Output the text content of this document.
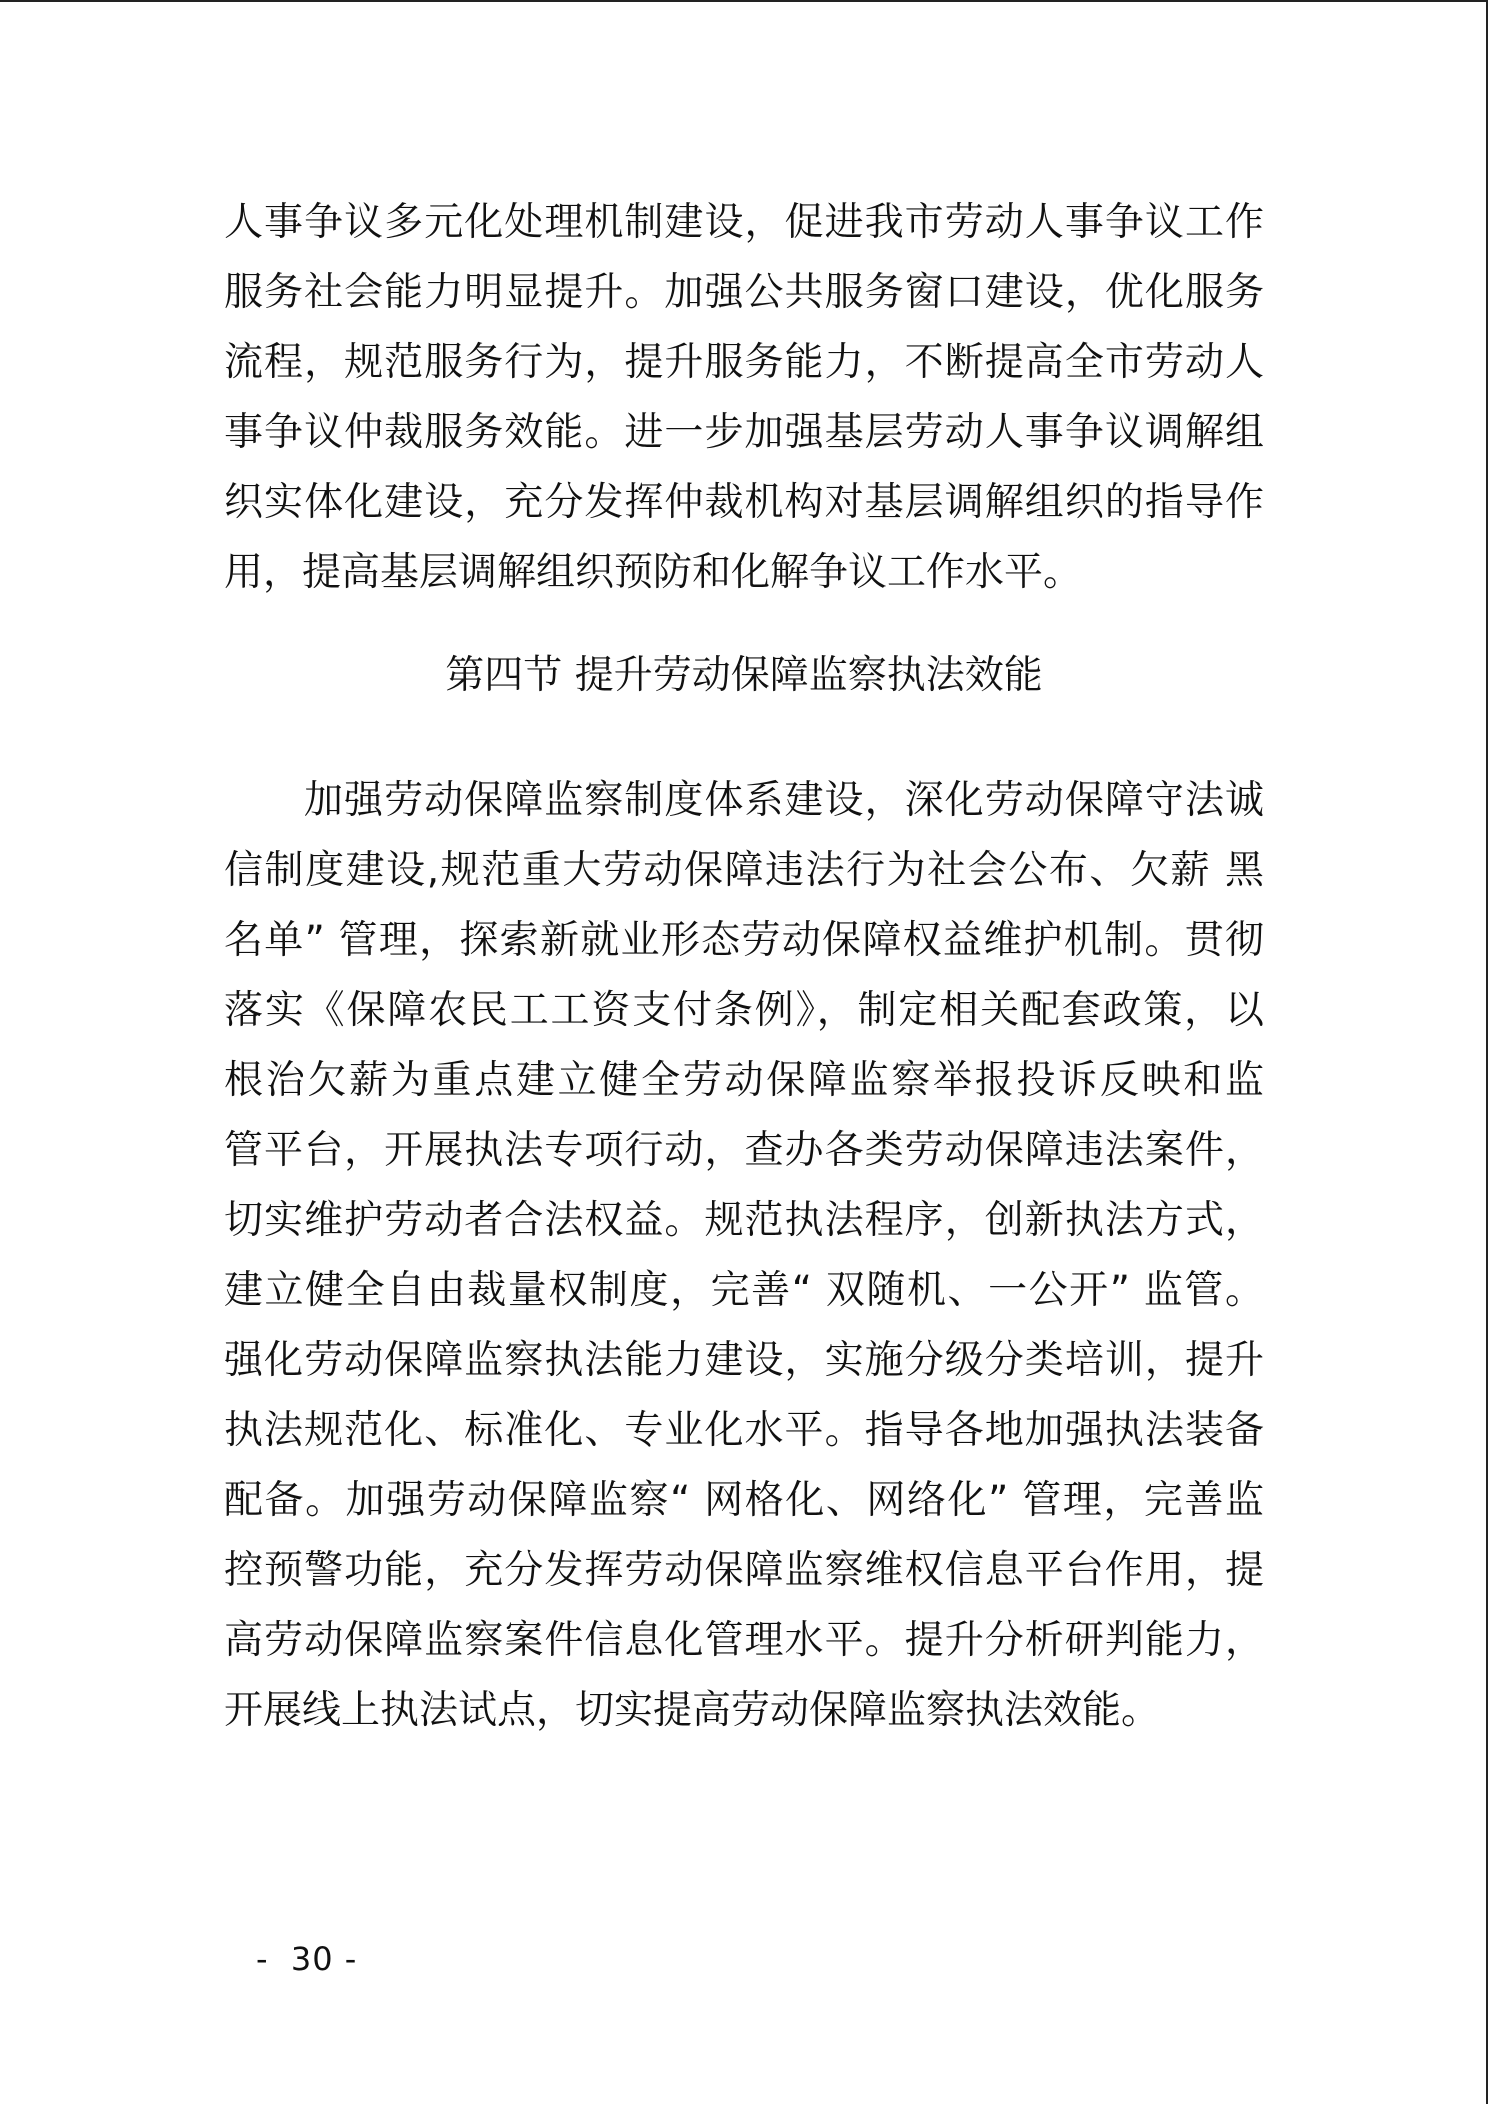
人事争议多元化处理机制建设，促进我市劳动人事争议工作
服务社会能力明显提升。加强公共服务窗口建设，优化服务
流程，规范服务行为，提升服务能力，不断提高全市劳动人
事争议仲裁服务效能。进一步加强基层劳动人事争议调解组
织实体化建设，充分发挥仲裁机构对基层调解组织的指导作
用，提高基层调解组织预防和化解争议工作水平。
第四节 提升劳动保障监察执法效能
加强劳动保障监察制度体系建设，深化劳动保障守法诚
信制度建设,规范重大劳动保障违法行为社会公布、欠薪 黑
名单” 管理，探索新就业形态劳动保障权益维护机制。贯彻
落实《保障农民工工资支付条例》，制定相关配套政策，以
根治欠薪为重点建立健全劳动保障监察举报投诉反映和监
管平台，开展执法专项行动，查办各类劳动保障违法案件，
切实维护劳动者合法权益。规范执法程序，创新执法方式，
建立健全自由裁量权制度，完善“ 双随机、一公开” 监管。
强化劳动保障监察执法能力建设，实施分级分类培训，提升
执法规范化、标准化、专业化水平。指导各地加强执法装备
配备。加强劳动保障监察“ 网格化、网络化” 管理，完善监
控预警功能，充分发挥劳动保障监察维权信息平台作用，提
高劳动保障监察案件信息化管理水平。提升分析研判能力，
开展线上执法试点，切实提高劳动保障监察执法效能。
-  30 -
